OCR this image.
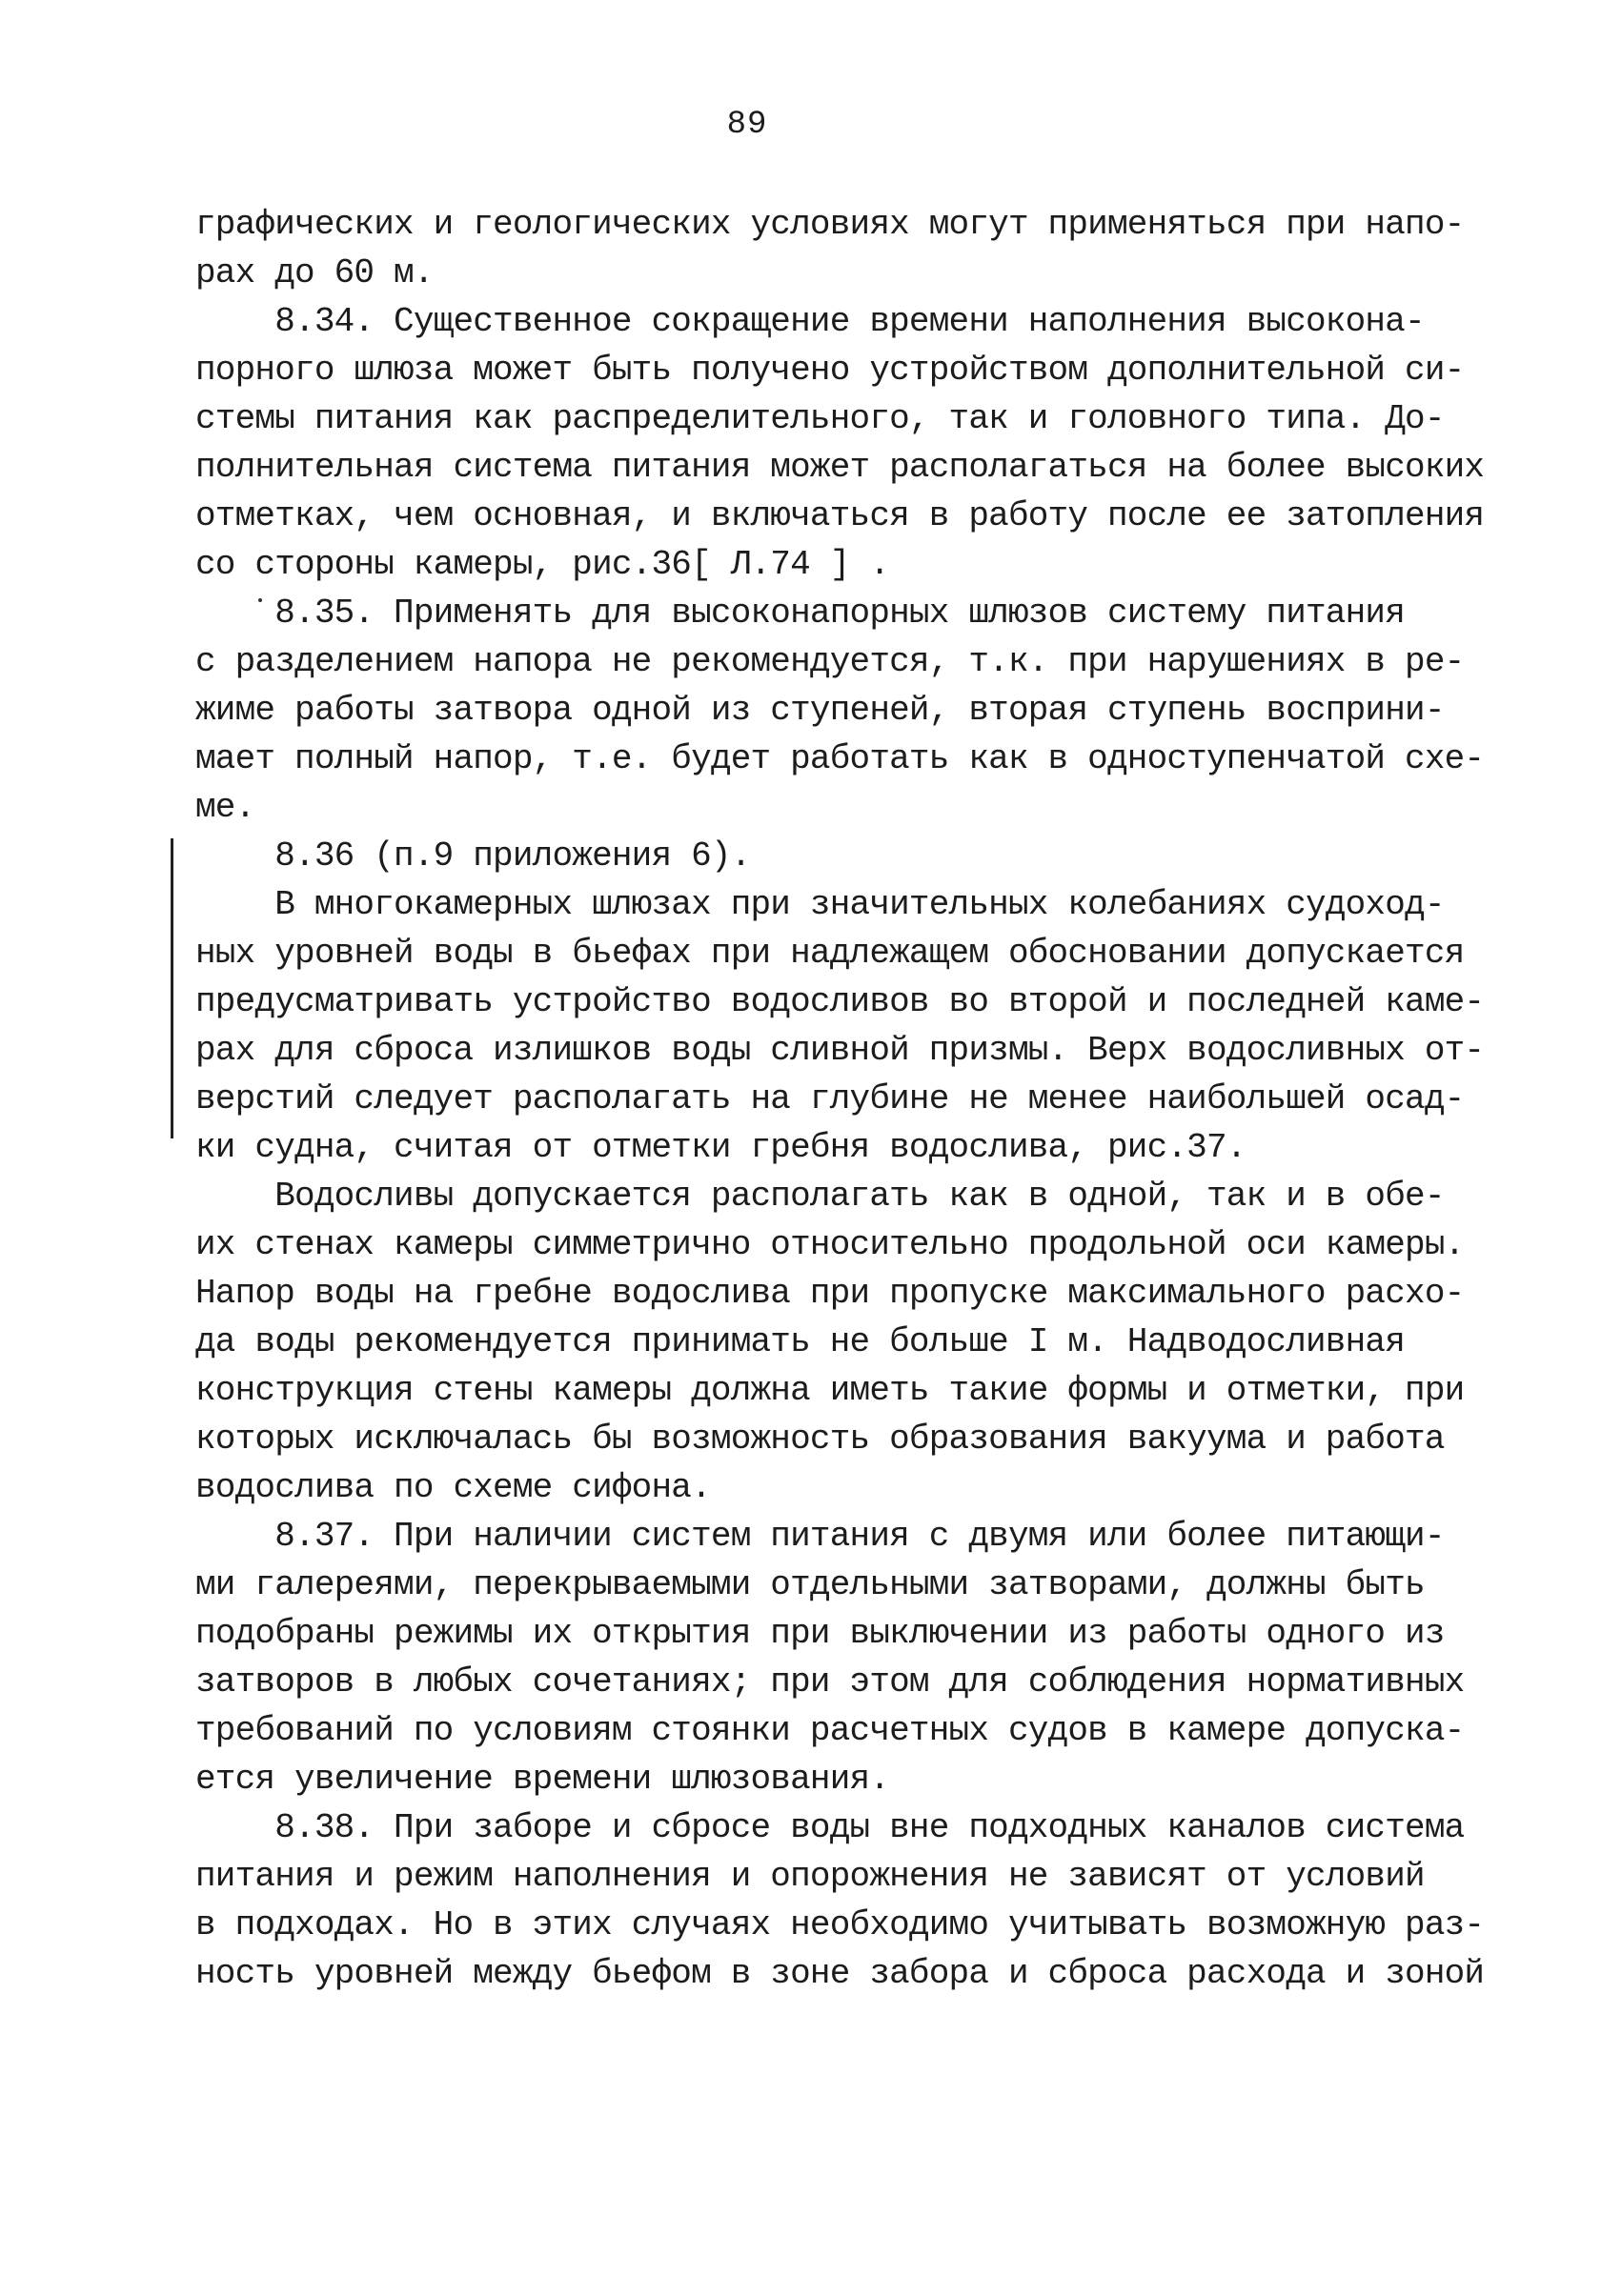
89
графических и геологических условиях могут применяться при напо-
рах до 60 м.
8.34. Существенное сокращение времени наполнения высокона-
порного шлюза может быть получено устройством дополнительной си-
стемы питания как распределительного, так и головного типа. До-
полнительная система питания может располагаться на более высоких
отметках, чем основная, и включаться в работу после ее затопления
со стороны камеры, рис.36[ Л.74 ] .
8.35. Применять для высоконапорных шлюзов систему питания
с разделением напора не рекомендуется, т.к. при нарушениях в ре-
жиме работы затвора одной из ступеней, вторая ступень восприни-
мает полный напор, т.е. будет работать как в одноступенчатой схе-
ме.
8.36 (п.9 приложения 6).
В многокамерных шлюзах при значительных колебаниях судоход-
ных уровней воды в бьефах при надлежащем обосновании допускается
предусматривать устройство водосливов во второй и последней каме-
рах для сброса излишков воды сливной призмы. Верх водосливных от-
верстий следует располагать на глубине не менее наибольшей осад-
ки судна, считая от отметки гребня водослива, рис.37.
Водосливы допускается располагать как в одной, так и в обе-
их стенах камеры симметрично относительно продольной оси камеры.
Напор воды на гребне водослива при пропуске максимального расхо-
да воды рекомендуется принимать не больше I м. Надводосливная
конструкция стены камеры должна иметь такие формы и отметки, при
которых исключалась бы возможность образования вакуума и работа
водослива по схеме сифона.
8.37. При наличии систем питания с двумя или более питающи-
ми галереями, перекрываемыми отдельными затворами, должны быть
подобраны режимы их открытия при выключении из работы одного из
затворов в любых сочетаниях; при этом для соблюдения нормативных
требований по условиям стоянки расчетных судов в камере допуска-
ется увеличение времени шлюзования.
8.38. При заборе и сбросе воды вне подходных каналов система
питания и режим наполнения и опорожнения не зависят от условий
в подходах. Но в этих случаях необходимо учитывать возможную раз-
ность уровней между бьефом в зоне забора и сброса расхода и зоной
